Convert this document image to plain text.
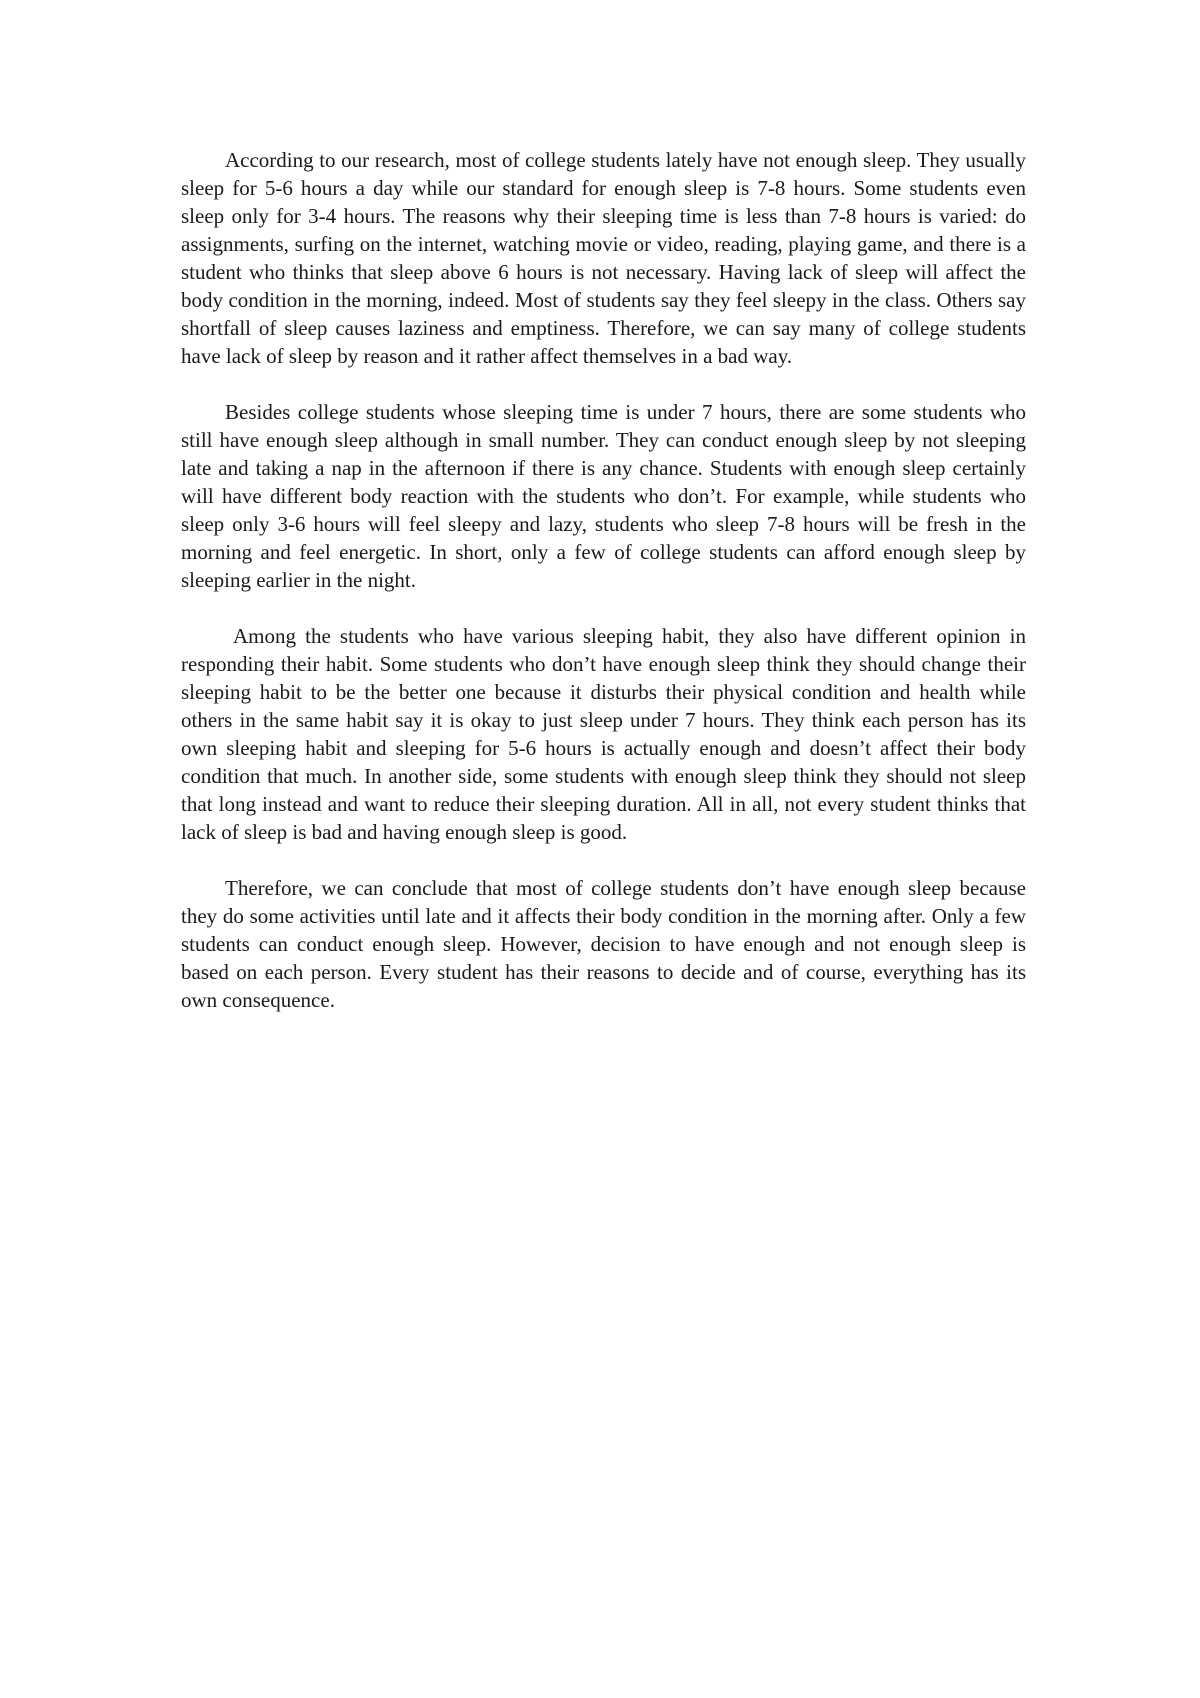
According to our research, most of college students lately have not enough sleep. They usually sleep for 5-6 hours a day while our standard for enough sleep is 7-8 hours. Some students even sleep only for 3-4 hours. The reasons why their sleeping time is less than 7-8 hours is varied: do assignments, surfing on the internet, watching movie or video, reading, playing game, and there is a student who thinks that sleep above 6 hours is not necessary. Having lack of sleep will affect the body condition in the morning, indeed. Most of students say they feel sleepy in the class. Others say shortfall of sleep causes laziness and emptiness. Therefore, we can say many of college students have lack of sleep by reason and it rather affect themselves in a bad way.

Besides college students whose sleeping time is under 7 hours, there are some students who still have enough sleep although in small number. They can conduct enough sleep by not sleeping late and taking a nap in the afternoon if there is any chance. Students with enough sleep certainly will have different body reaction with the students who don’t. For example, while students who sleep only 3-6 hours will feel sleepy and lazy, students who sleep 7-8 hours will be fresh in the morning and feel energetic. In short, only a few of college students can afford enough sleep by sleeping earlier in the night.

Among the students who have various sleeping habit, they also have different opinion in responding their habit. Some students who don’t have enough sleep think they should change their sleeping habit to be the better one because it disturbs their physical condition and health while others in the same habit say it is okay to just sleep under 7 hours. They think each person has its own sleeping habit and sleeping for 5-6 hours is actually enough and doesn’t affect their body condition that much. In another side, some students with enough sleep think they should not sleep that long instead and want to reduce their sleeping duration. All in all, not every student thinks that lack of sleep is bad and having enough sleep is good.

Therefore, we can conclude that most of college students don’t have enough sleep because they do some activities until late and it affects their body condition in the morning after. Only a few students can conduct enough sleep. However, decision to have enough and not enough sleep is based on each person. Every student has their reasons to decide and of course, everything has its own consequence.
